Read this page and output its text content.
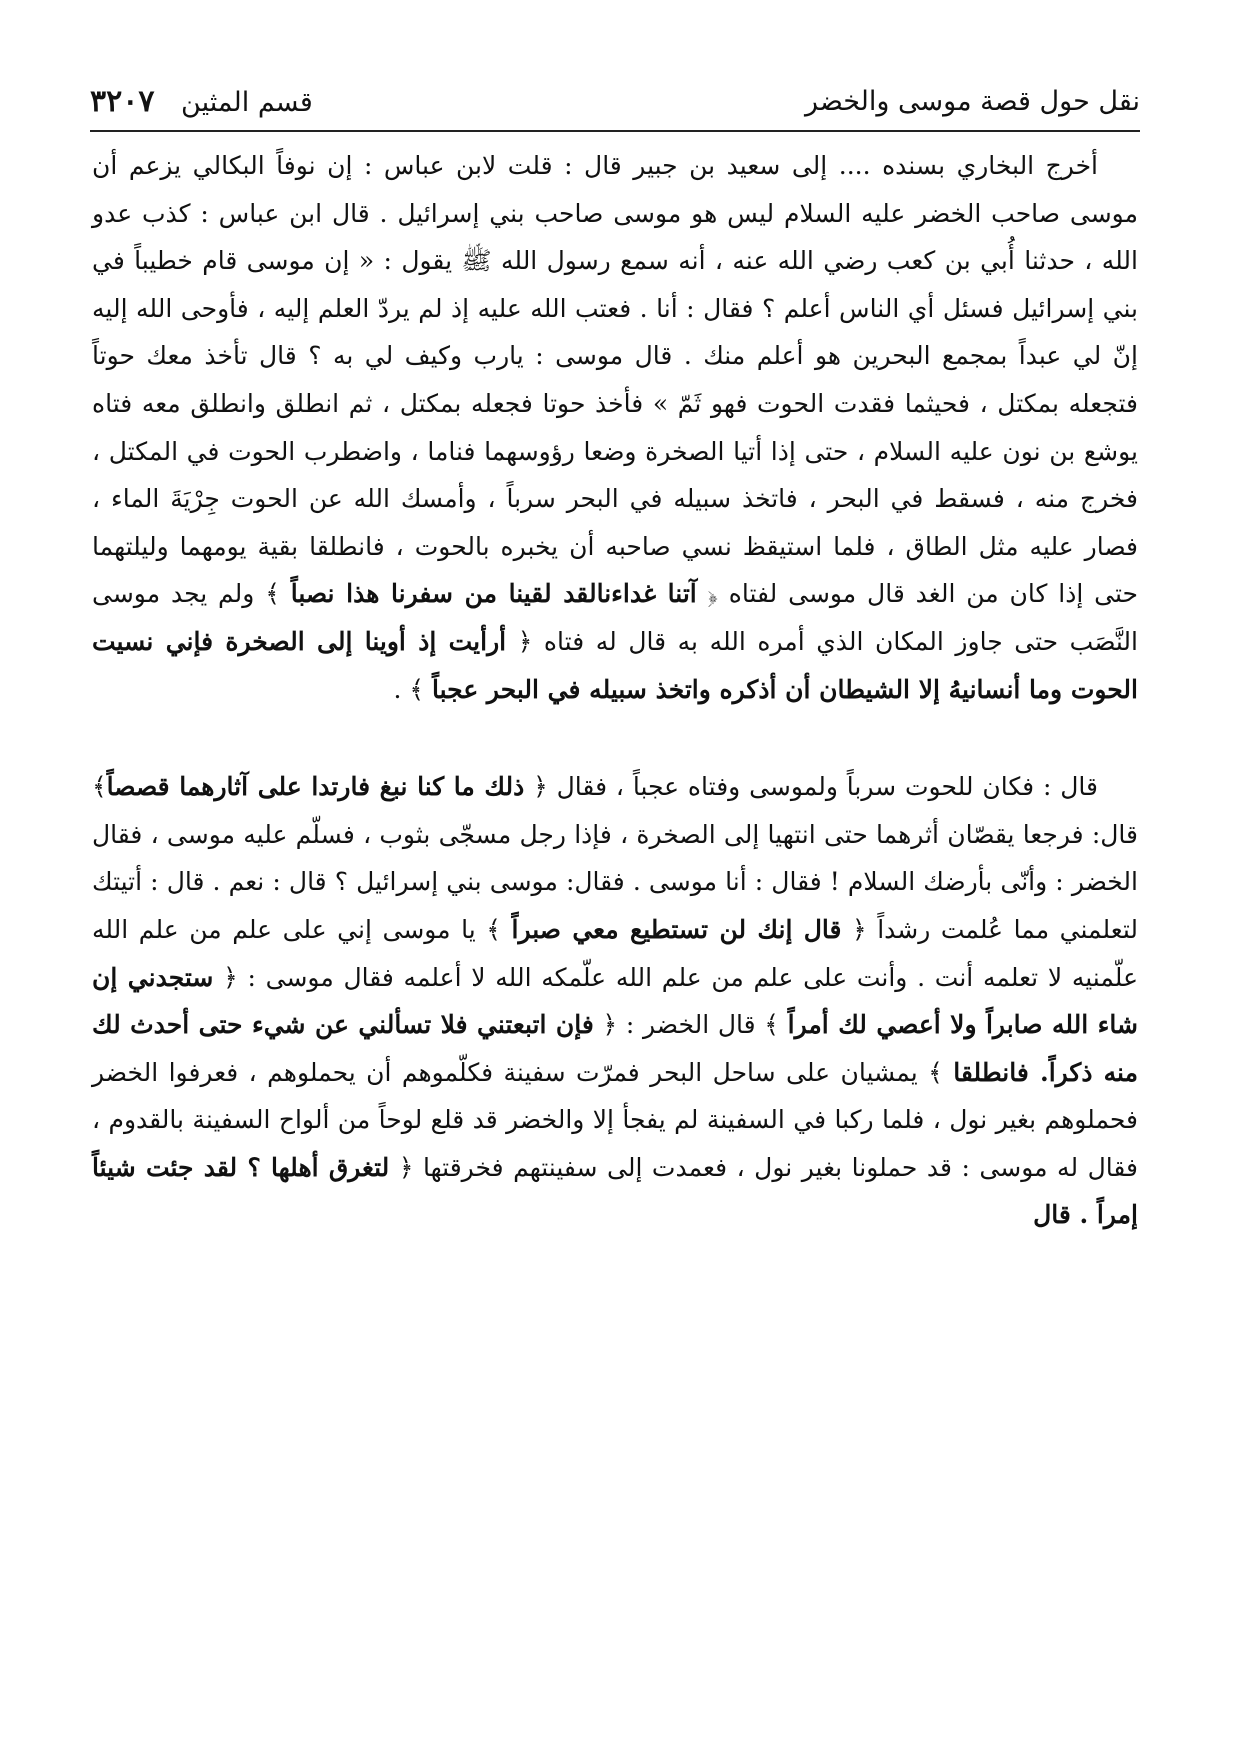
نقل حول قصة موسى والخضر
قسم المثين ٣٢٠٧

أخرج البخاري بسنده .... إلى سعيد بن جبير قال : قلت لابن عباس : إن نوفاً البكالي يزعم أن موسى صاحب الخضر عليه السلام ليس هو موسى صاحب بني إسرائيل . قال ابن عباس : كذب عدو الله ، حدثنا أُبي بن كعب رضي الله عنه ، أنه سمع رسول الله ﷺ يقول : « إن موسى قام خطيباً في بني إسرائيل فسئل أي الناس أعلم ؟ فقال : أنا . فعتب الله عليه إذ لم يردّ العلم إليه ، فأوحى الله إليه إنّ لي عبداً بمجمع البحرين هو أعلم منك . قال موسى : يارب وكيف لي به ؟ قال تأخذ معك حوتاً فتجعله بمكتل ، فحيثما فقدت الحوت فهو ثَمّ » فأخذ حوتا فجعله بمكتل ، ثم انطلق وانطلق معه فتاه يوشع بن نون عليه السلام ، حتى إذا أتيا الصخرة وضعا رؤوسهما فناما ، واضطرب الحوت في المكتل ، فخرج منه ، فسقط في البحر ، فاتخذ سبيله في البحر سرباً ، وأمسك الله عن الحوت جِرْيَةَ الماء ، فصار عليه مثل الطاق ، فلما استيقظ نسي صاحبه أن يخبره بالحوت ، فانطلقا بقية يومهما وليلتهما حتى إذا كان من الغد قال موسى لفتاه ﴿ آتنا غداءنالقد لقينا من سفرنا هذا نصباً ﴾ ولم يجد موسى النَّصَب حتى جاوز المكان الذي أمره الله به قال له فتاه ﴿ أرأيت إذ أوينا إلى الصخرة فإني نسيت الحوت وما أنسانيهُ إلا الشيطان أن أذكره واتخذ سبيله في البحر عجباً ﴾ .

قال : فكان للحوت سرباً ولموسى وفتاه عجباً ، فقال ﴿ ذلك ما كنا نبغ فارتدا على آثارهما قصصاً﴾ قال: فرجعا يقصّان أثرهما حتى انتهيا إلى الصخرة ، فإذا رجل مسجّى بثوب ، فسلّم عليه موسى ، فقال الخضر : وأنّى بأرضك السلام ! فقال : أنا موسى . فقال: موسى بني إسرائيل ؟ قال : نعم . قال : أتيتك لتعلمني مما عُلمت رشداً ﴿ قال إنك لن تستطيع معي صبراً ﴾ يا موسى إني على علم من علم الله علّمنيه لا تعلمه أنت . وأنت على علم من علم الله علّمكه الله لا أعلمه فقال موسى : ﴿ ستجدني إن شاء الله صابراً ولا أعصي لك أمراً ﴾ قال الخضر : ﴿ فإن اتبعتني فلا تسألني عن شيء حتى أحدث لك منه ذكراً. فانطلقا ﴾ يمشيان على ساحل البحر فمرّت سفينة فكلّموهم أن يحملوهم ، فعرفوا الخضر فحملوهم بغير نول ، فلما ركبا في السفينة لم يفجأ إلا والخضر قد قلع لوحاً من ألواح السفينة بالقدوم ، فقال له موسى : قد حملونا بغير نول ، فعمدت إلى سفينتهم فخرقتها ﴿ لتغرق أهلها ؟ لقد جئت شيئاً إمراً . قال
